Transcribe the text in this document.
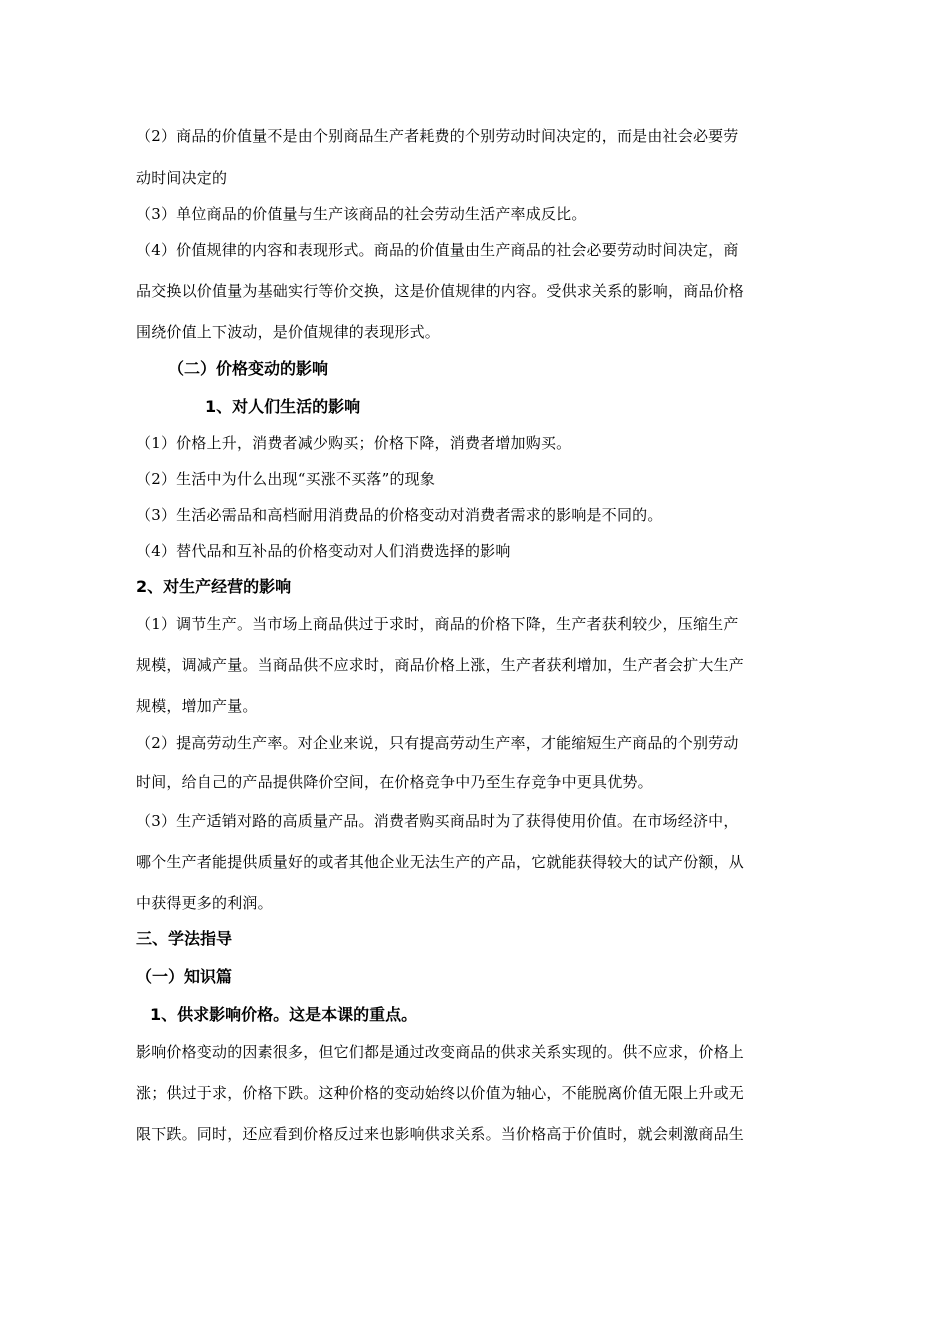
（2）商品的价值量不是由个别商品生产者耗费的个别劳动时间决定的，而是由社会必要劳
动时间决定的
（3）单位商品的价值量与生产该商品的社会劳动生活产率成反比。
（4）价值规律的内容和表现形式。商品的价值量由生产商品的社会必要劳动时间决定，商
品交换以价值量为基础实行等价交换，这是价值规律的内容。受供求关系的影响，商品价格
围绕价值上下波动，是价值规律的表现形式。
（二）价格变动的影响
1、对人们生活的影响
（1）价格上升，消费者减少购买；价格下降，消费者增加购买。
（2）生活中为什么出现“买涨不买落”的现象
（3）生活必需品和高档耐用消费品的价格变动对消费者需求的影响是不同的。
（4）替代品和互补品的价格变动对人们消费选择的影响
2、对生产经营的影响
（1）调节生产。当市场上商品供过于求时，商品的价格下降，生产者获利较少，压缩生产
规模，调减产量。当商品供不应求时，商品价格上涨，生产者获利增加，生产者会扩大生产
规模，增加产量。
（2）提高劳动生产率。对企业来说，只有提高劳动生产率，才能缩短生产商品的个别劳动
时间，给自己的产品提供降价空间，在价格竞争中乃至生存竞争中更具优势。
（3）生产适销对路的高质量产品。消费者购买商品时为了获得使用价值。在市场经济中，
哪个生产者能提供质量好的或者其他企业无法生产的产品，它就能获得较大的试产份额，从
中获得更多的利润。
三、学法指导
（一）知识篇
1、供求影响价格。这是本课的重点。
影响价格变动的因素很多，但它们都是通过改变商品的供求关系实现的。供不应求，价格上
涨；供过于求，价格下跌。这种价格的变动始终以价值为轴心，不能脱离价值无限上升或无
限下跌。同时，还应看到价格反过来也影响供求关系。当价格高于价值时，就会刺激商品生
